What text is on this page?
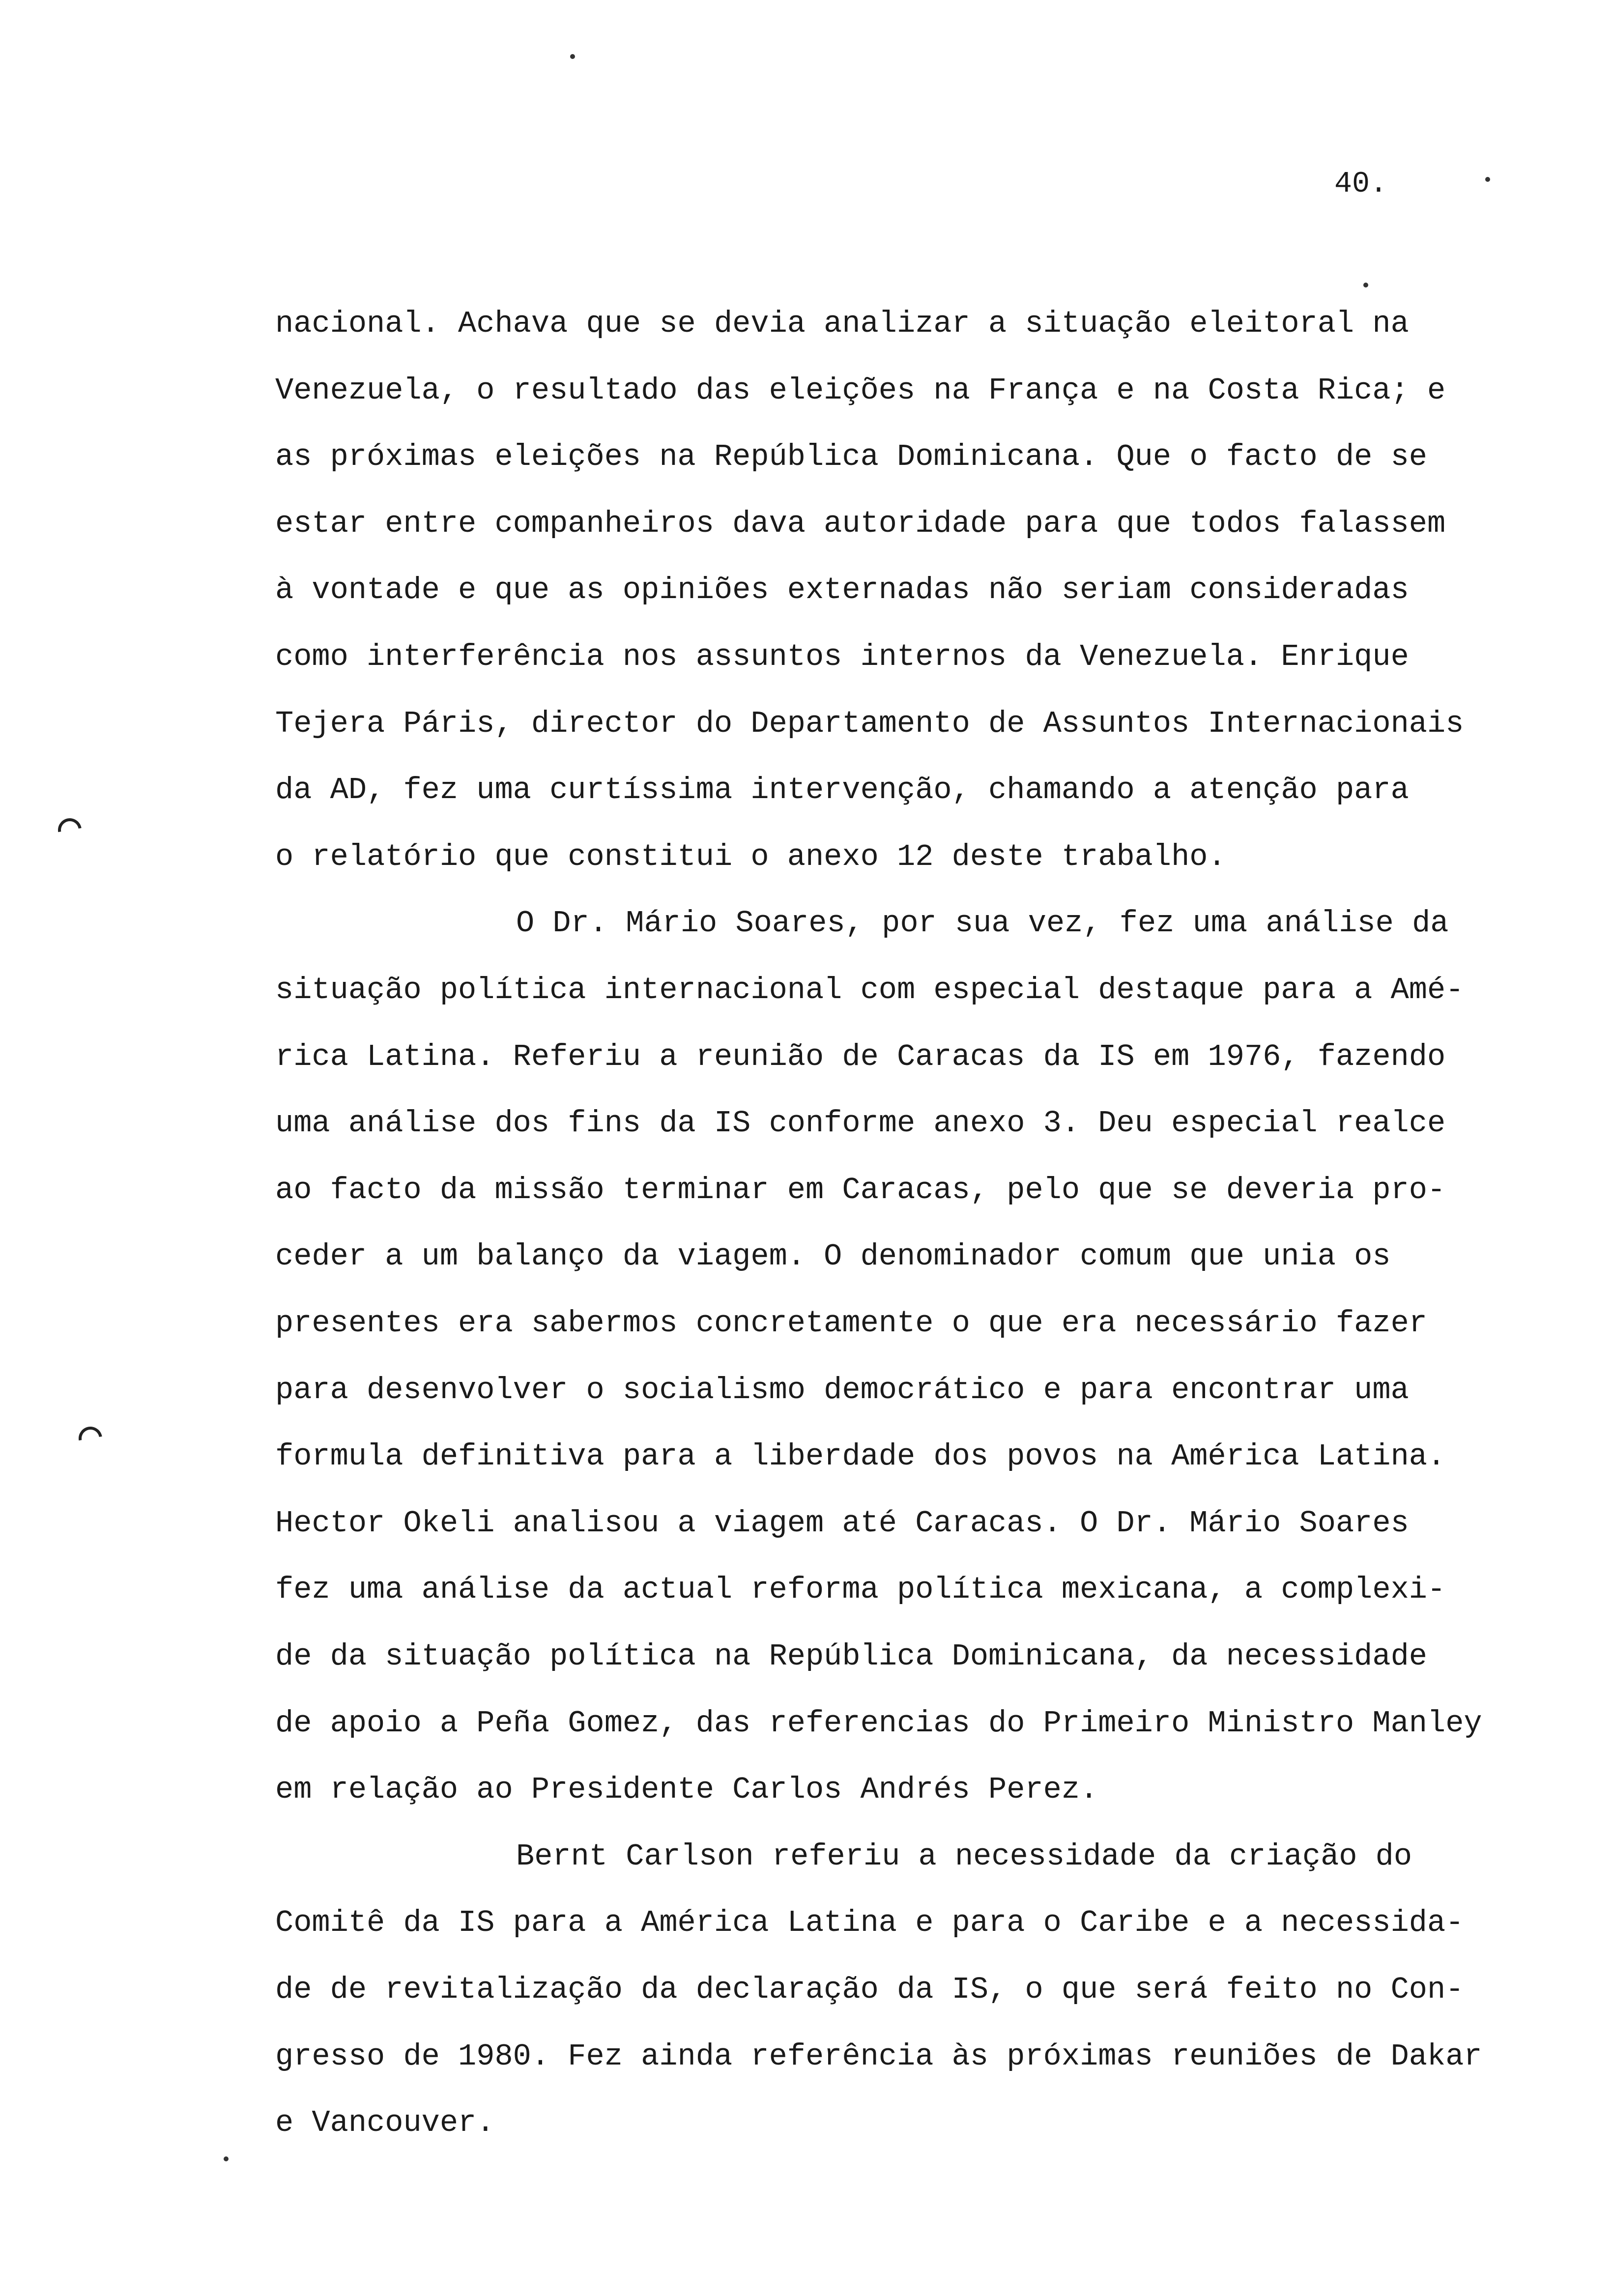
40.
nacional. Achava que se devia analizar a situação eleitoral na
Venezuela, o resultado das eleições na França e na Costa Rica; e
as próximas eleições na República Dominicana. Que o facto de se
estar entre companheiros dava autoridade para que todos falassem
à vontade e que as opiniões externadas não seriam consideradas
como interferência nos assuntos internos da Venezuela. Enrique
Tejera Páris, director do Departamento de Assuntos Internacionais
da AD, fez uma curtíssima intervenção, chamando a atenção para
o relatório que constitui o anexo 12 deste trabalho.
O Dr. Mário Soares, por sua vez, fez uma análise da
situação política internacional com especial destaque para a Amé-
rica Latina. Referiu a reunião de Caracas da IS em 1976, fazendo
uma análise dos fins da IS conforme anexo 3. Deu especial realce
ao facto da missão terminar em Caracas, pelo que se deveria pro-
ceder a um balanço da viagem. O denominador comum que unia os
presentes era sabermos concretamente o que era necessário fazer
para desenvolver o socialismo democrático e para encontrar uma
formula definitiva para a liberdade dos povos na América Latina.
Hector Okeli analisou a viagem até Caracas. O Dr. Mário Soares
fez uma análise da actual reforma política mexicana, a complexi-
de da situação política na República Dominicana, da necessidade
de apoio a Peña Gomez, das referencias do Primeiro Ministro Manley
em relação ao Presidente Carlos Andrés Perez.
Bernt Carlson referiu a necessidade da criação do
Comitê da IS para a América Latina e para o Caribe e a necessida-
de de revitalização da declaração da IS, o que será feito no Con-
gresso de 1980. Fez ainda referência às próximas reuniões de Dakar
e Vancouver.
